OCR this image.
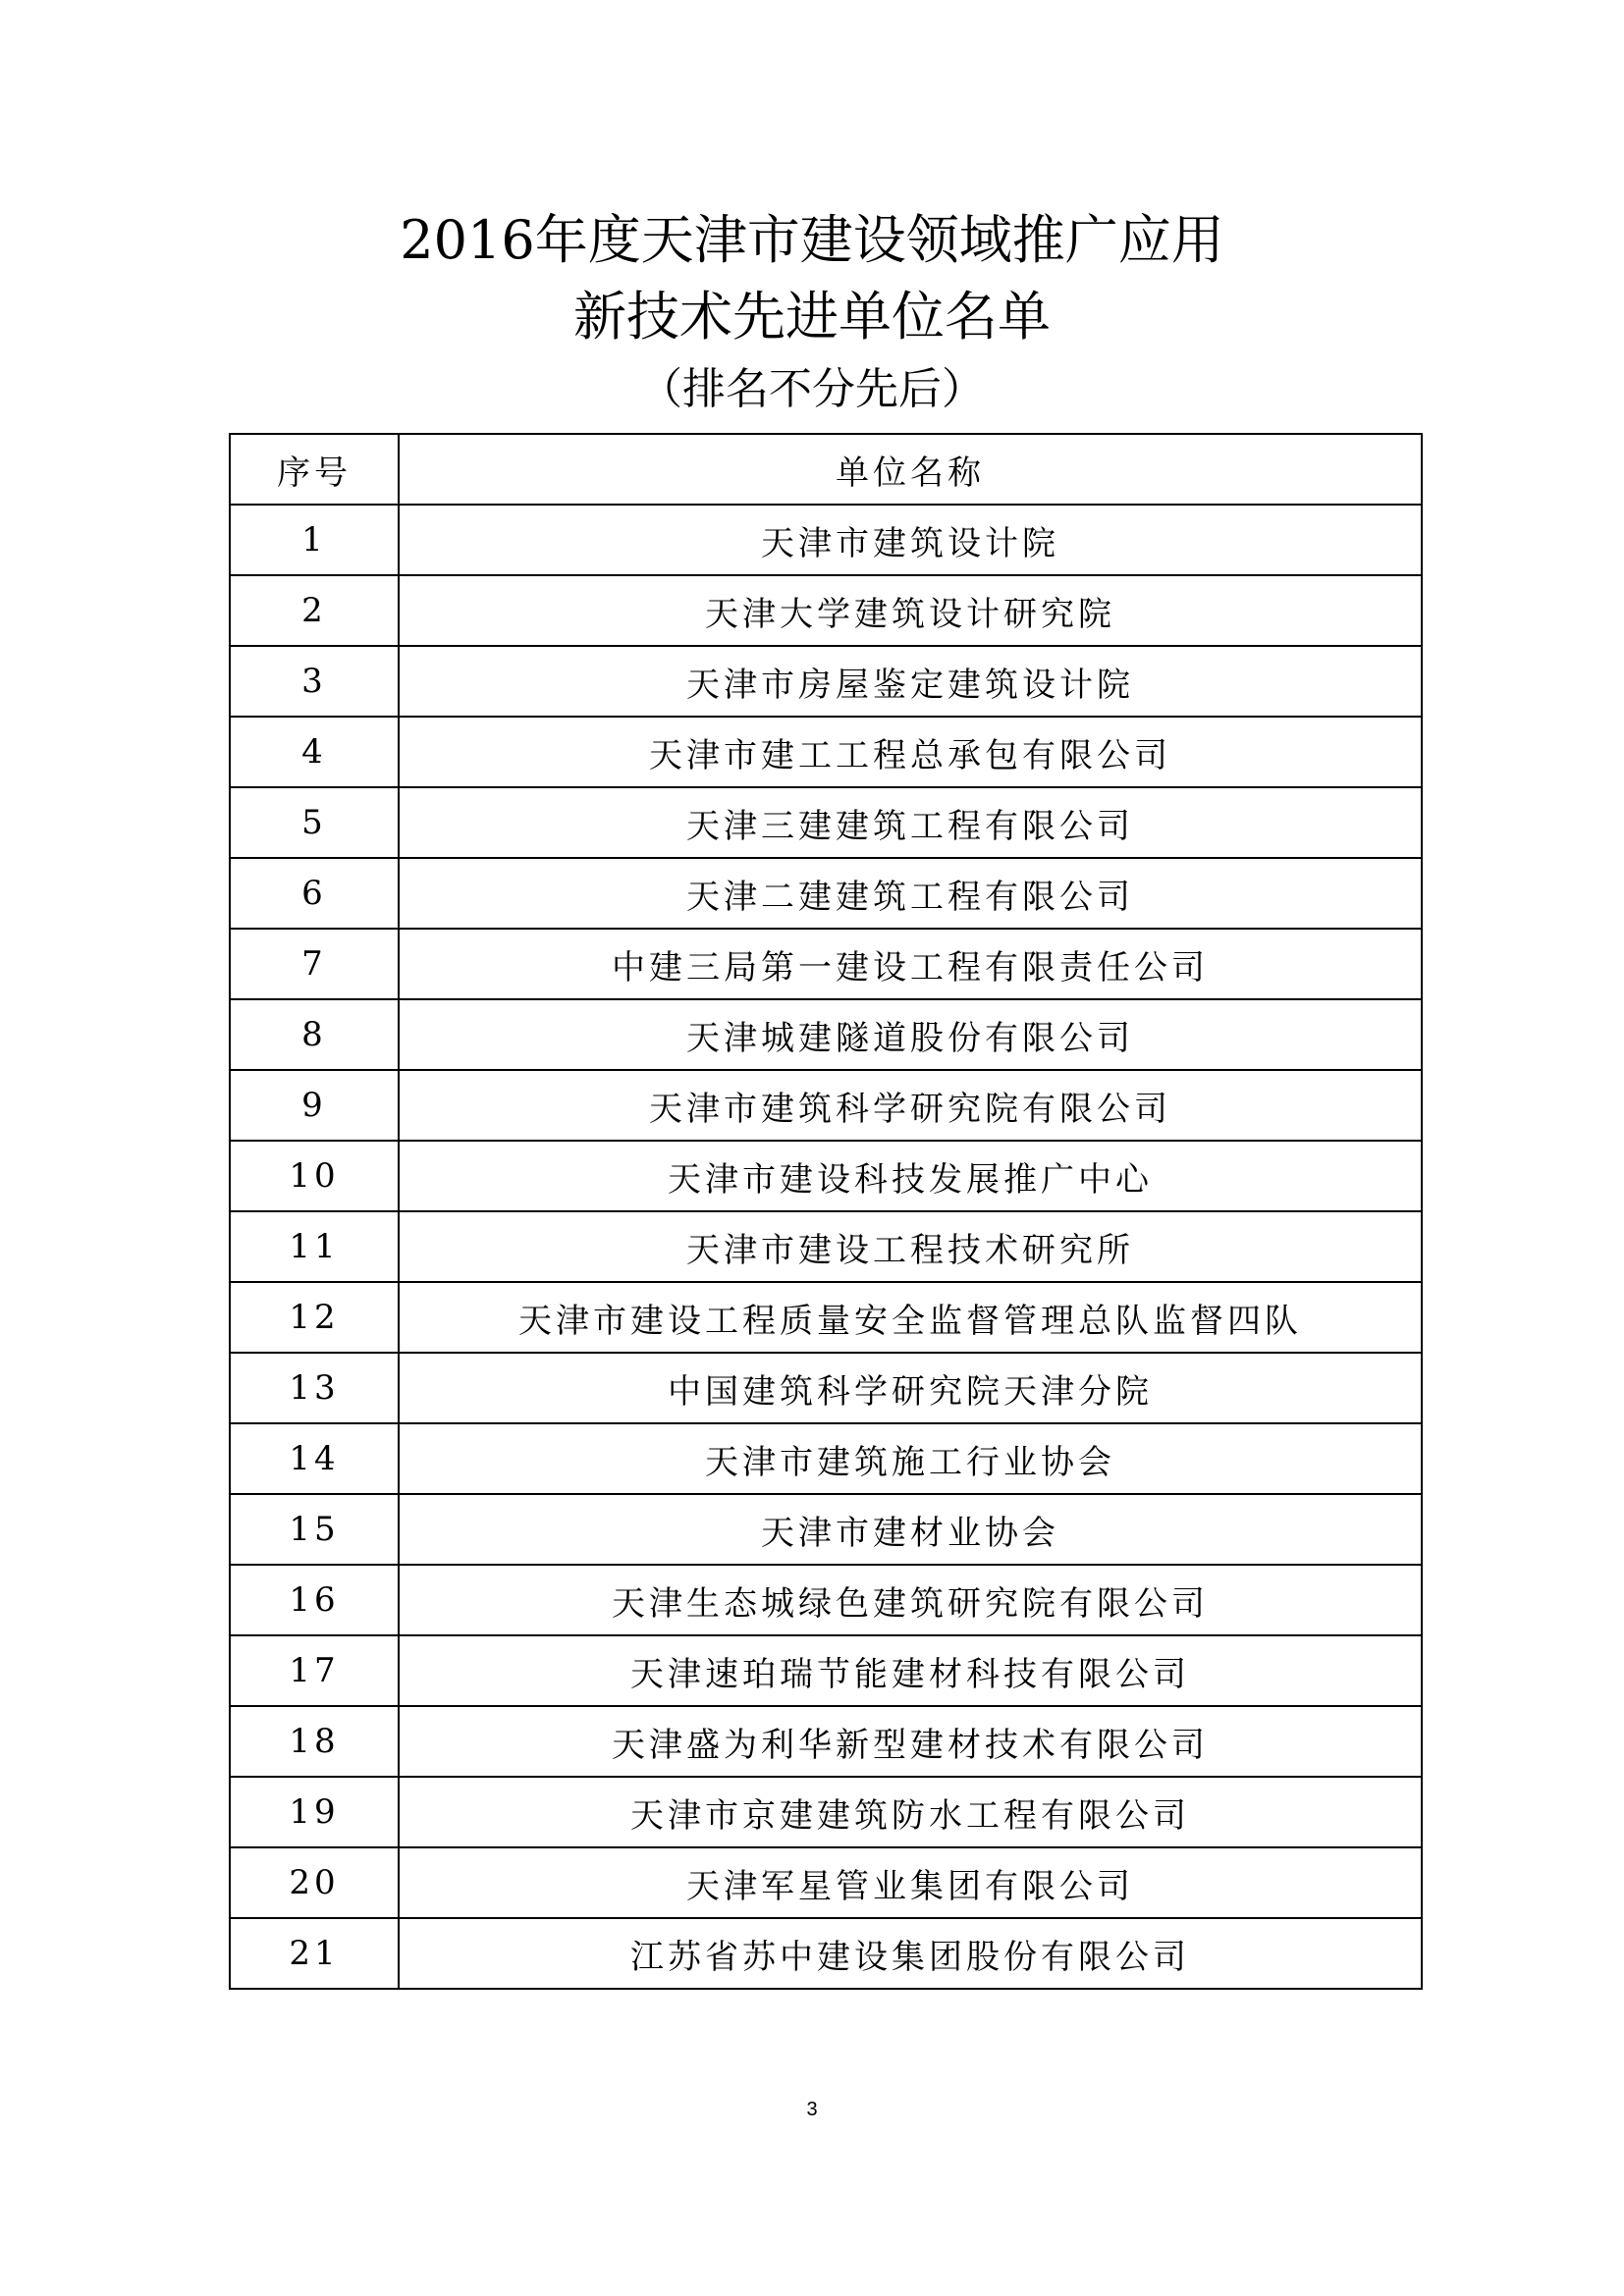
2016年度天津市建设领域推广应用
新技术先进单位名单
（排名不分先后）
序号	单位名称
1	天津市建筑设计院
2	天津大学建筑设计研究院
3	天津市房屋鉴定建筑设计院
4	天津市建工工程总承包有限公司
5	天津三建建筑工程有限公司
6	天津二建建筑工程有限公司
7	中建三局第一建设工程有限责任公司
8	天津城建隧道股份有限公司
9	天津市建筑科学研究院有限公司
10	天津市建设科技发展推广中心
11	天津市建设工程技术研究所
12	天津市建设工程质量安全监督管理总队监督四队
13	中国建筑科学研究院天津分院
14	天津市建筑施工行业协会
15	天津市建材业协会
16	天津生态城绿色建筑研究院有限公司
17	天津速珀瑞节能建材科技有限公司
18	天津盛为利华新型建材技术有限公司
19	天津市京建建筑防水工程有限公司
20	天津军星管业集团有限公司
21	江苏省苏中建设集团股份有限公司
3
